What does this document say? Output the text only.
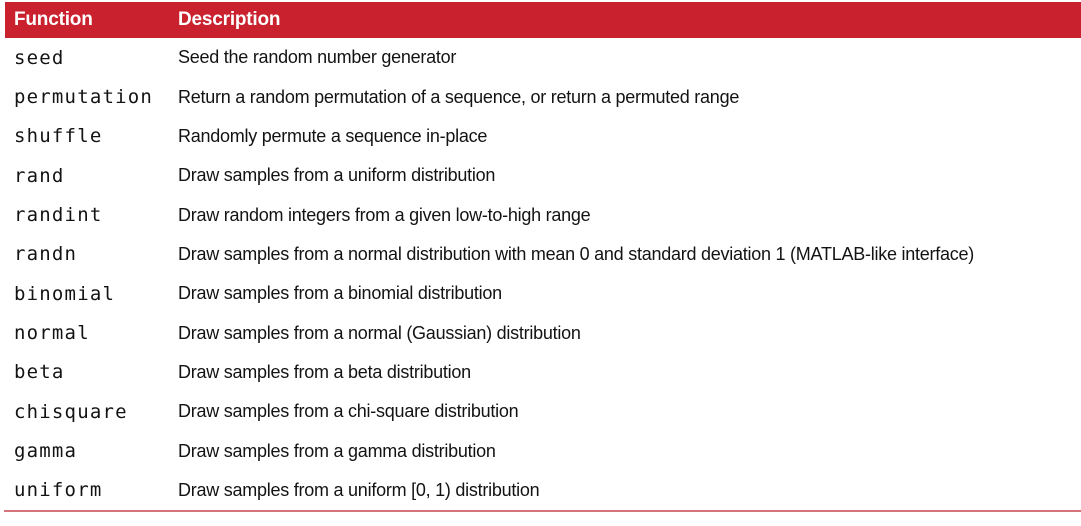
Function	Description
seed	Seed the random number generator
permutation	Return a random permutation of a sequence, or return a permuted range
shuffle	Randomly permute a sequence in-place
rand	Draw samples from a uniform distribution
randint	Draw random integers from a given low-to-high range
randn	Draw samples from a normal distribution with mean 0 and standard deviation 1 (MATLAB-like interface)
binomial	Draw samples from a binomial distribution
normal	Draw samples from a normal (Gaussian) distribution
beta	Draw samples from a beta distribution
chisquare	Draw samples from a chi-square distribution
gamma	Draw samples from a gamma distribution
uniform	Draw samples from a uniform [0, 1) distribution
